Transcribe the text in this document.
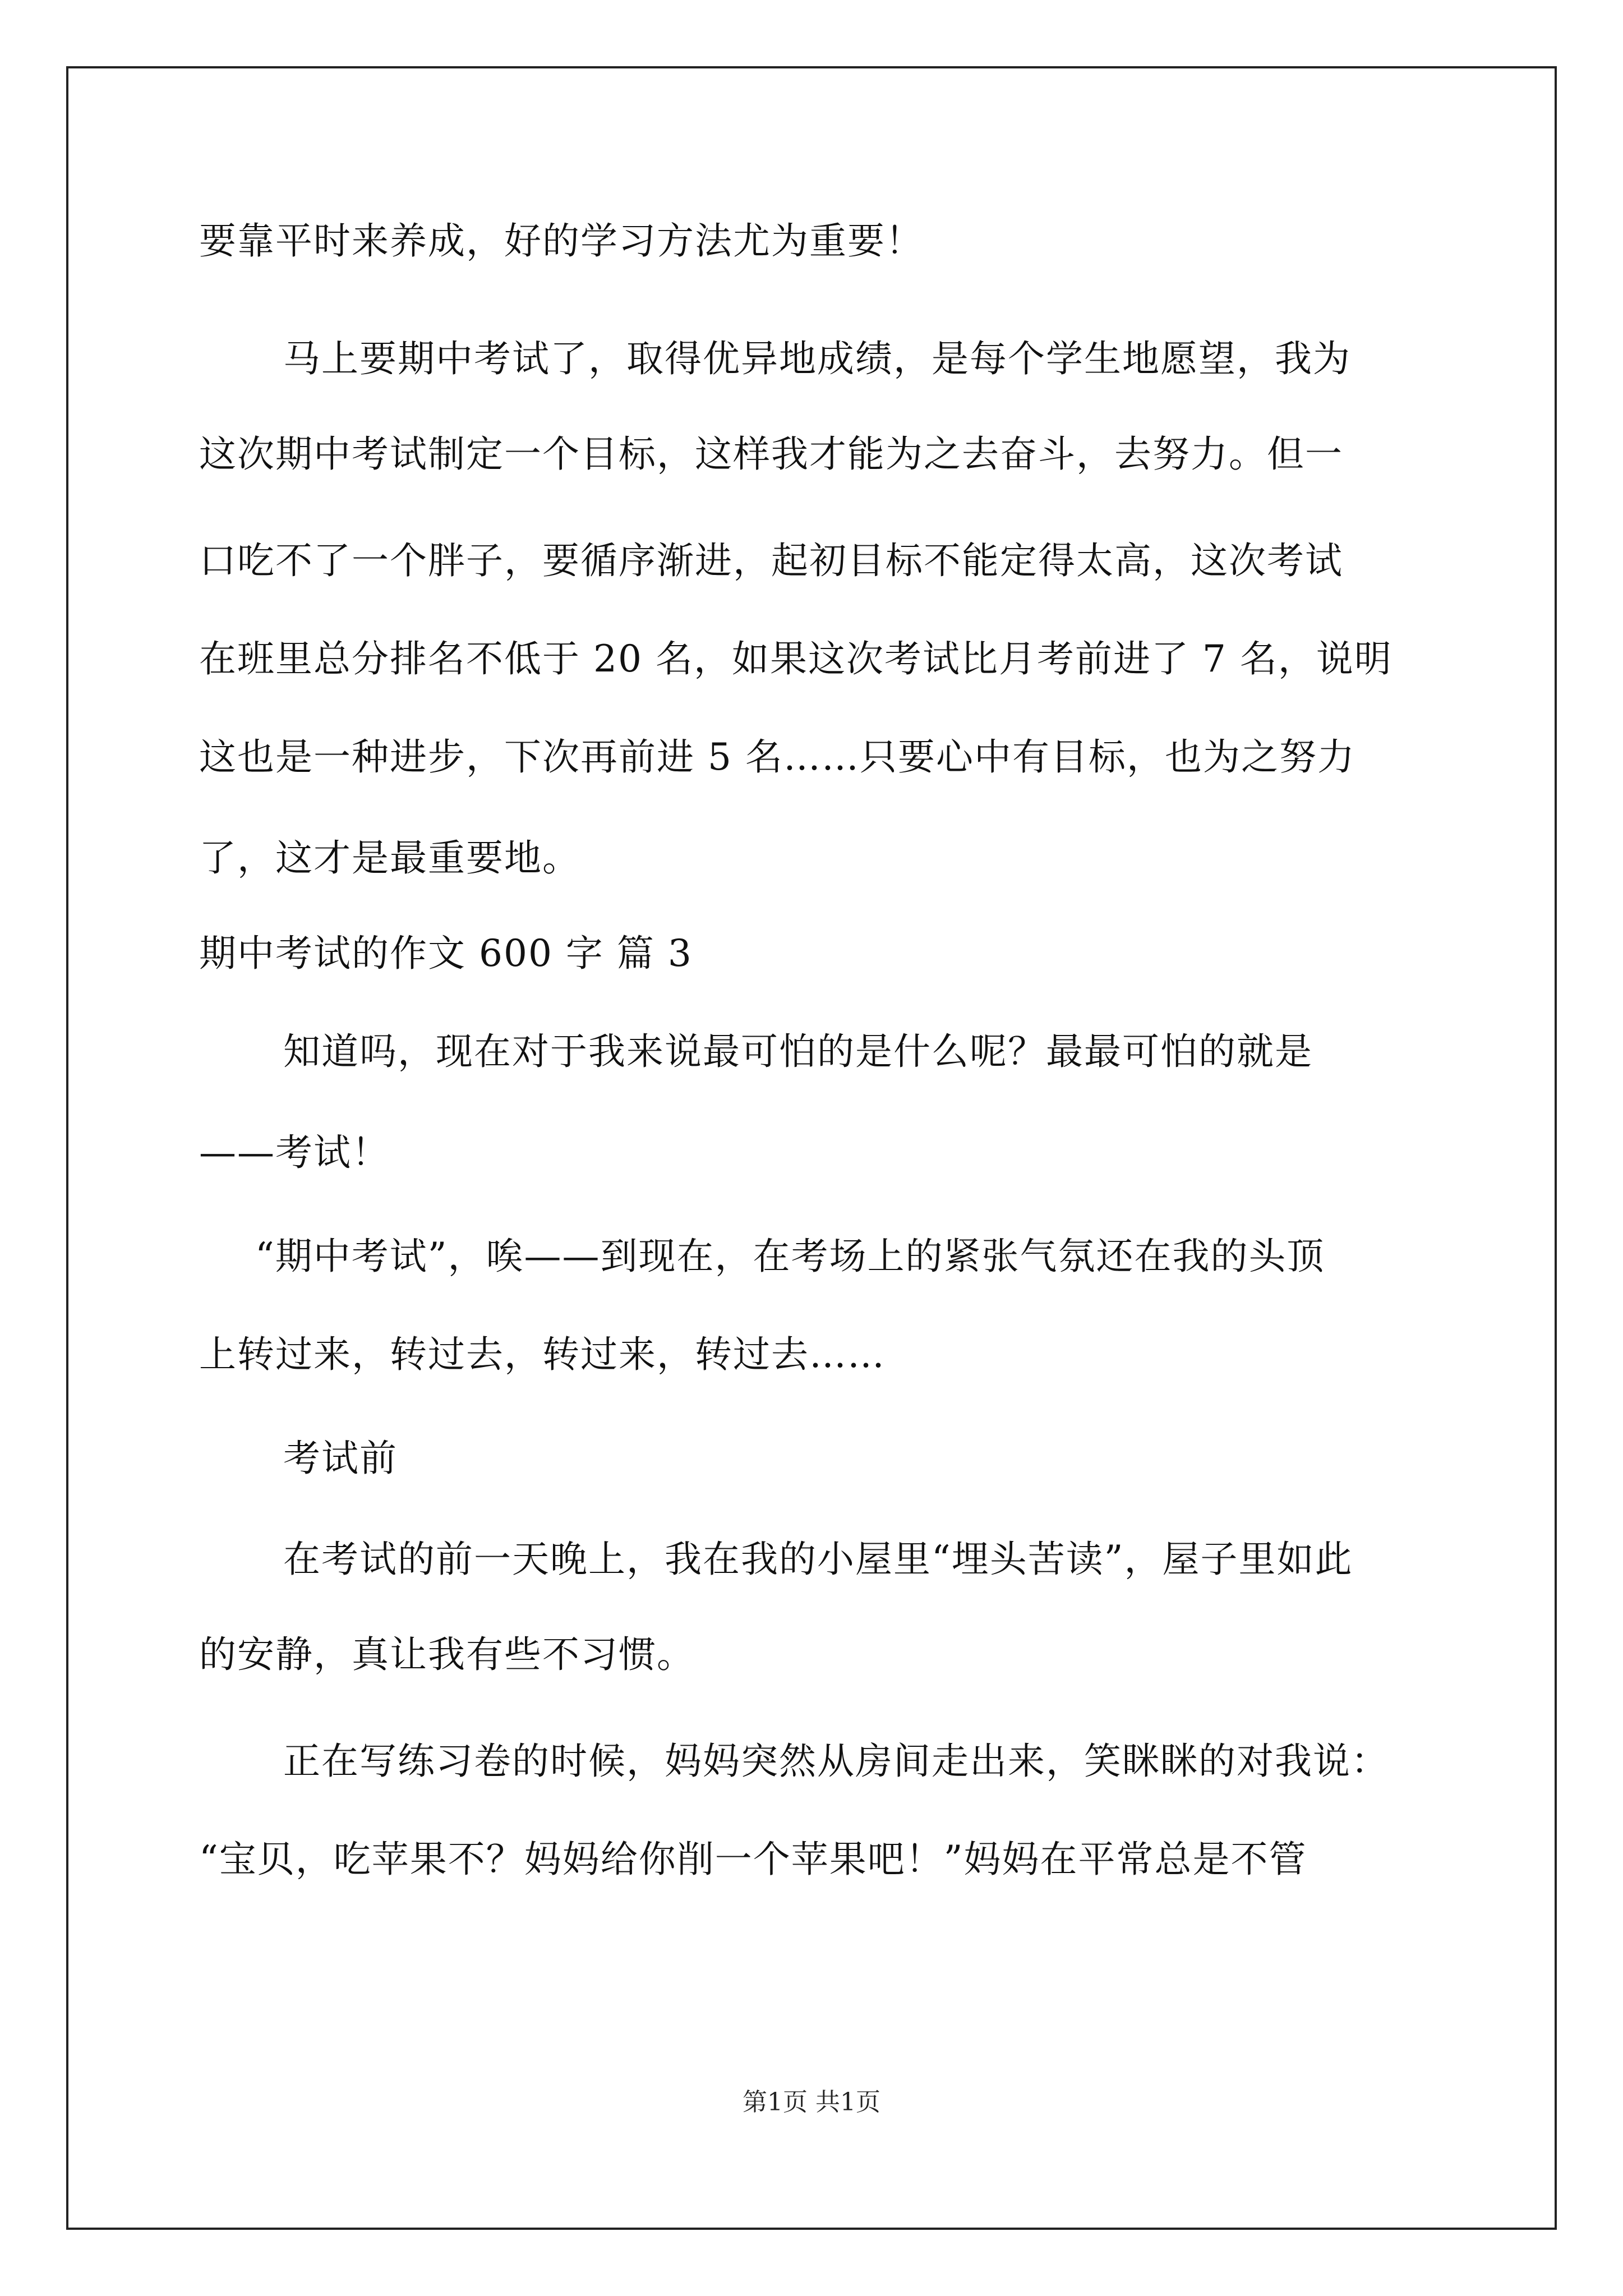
要靠平时来养成，好的学习方法尤为重要！
马上要期中考试了，取得优异地成绩，是每个学生地愿望，我为
这次期中考试制定一个目标，这样我才能为之去奋斗，去努力。但一
口吃不了一个胖子，要循序渐进，起初目标不能定得太高，这次考试
在班里总分排名不低于 20 名，如果这次考试比月考前进了 7 名，说明
这也是一种进步，下次再前进 5 名……只要心中有目标，也为之努力
了，这才是最重要地。
期中考试的作文 600 字 篇 3
知道吗，现在对于我来说最可怕的是什么呢？最最可怕的就是
——考试！
“期中考试”，唉——到现在，在考场上的紧张气氛还在我的头顶
上转过来，转过去，转过来，转过去……
考试前
在考试的前一天晚上，我在我的小屋里“埋头苦读”，屋子里如此
的安静，真让我有些不习惯。
正在写练习卷的时候，妈妈突然从房间走出来，笑眯眯的对我说：
“宝贝，吃苹果不？妈妈给你削一个苹果吧！”妈妈在平常总是不管
第1页 共1页
